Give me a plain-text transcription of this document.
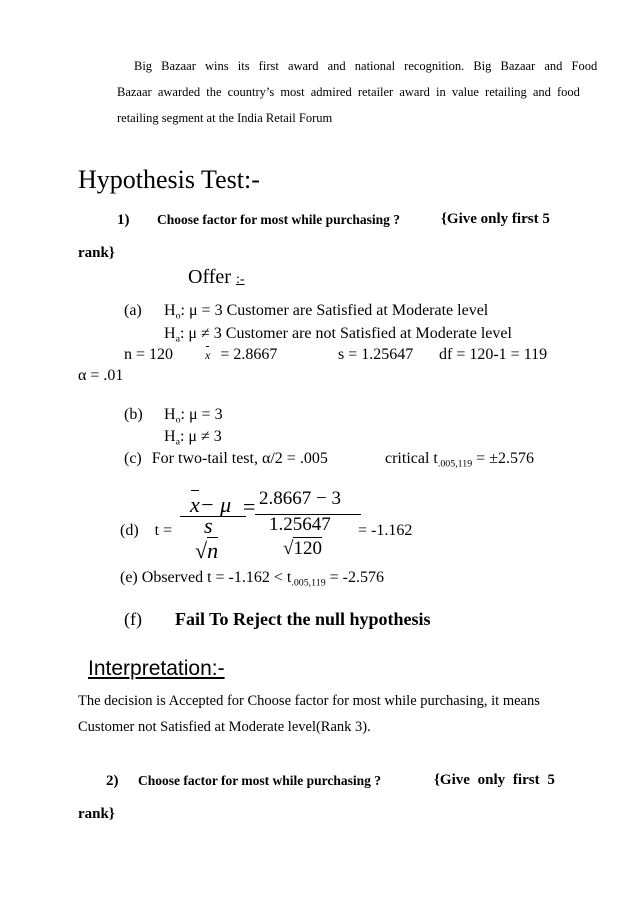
Big Bazaar wins its first award and national recognition. Big Bazaar and Food
Bazaar awarded the country’s most admired retailer award in value retailing and food
retailing segment at the India Retail Forum
Hypothesis Test:-
1) Choose factor for most while purchasing ?	{Give only first 5
rank}
Offer :-
(a) $H_o$: μ = 3 Customer are Satisfied at Moderate level
$H_a$: μ ≠ 3 Customer are not Satisfied at Moderate level
n = 120	x = 2.8667	s = 1.25647 df = 120-1 = 119
α = .01
(b) $H_o$: μ = 3
$H_a$: μ ≠ 3
(c) For two-tail test, α/2 = .005	critical $t_{.005,119} = \pm 2.576$
(d) t =
x− μ
s
√n
= 2.8667 − 3
1.25647
√120
= -1.162
(e) Observed $t = -1.162 < t_{.005,119} = -2.576$
(f) Fail To Reject the null hypothesis
Interpretation:-
The decision is Accepted for Choose factor for most while purchasing, it means
Customer not Satisfied at Moderate level(Rank 3).
2) Choose factor for most while purchasing ?	{Give only first 5
rank}
